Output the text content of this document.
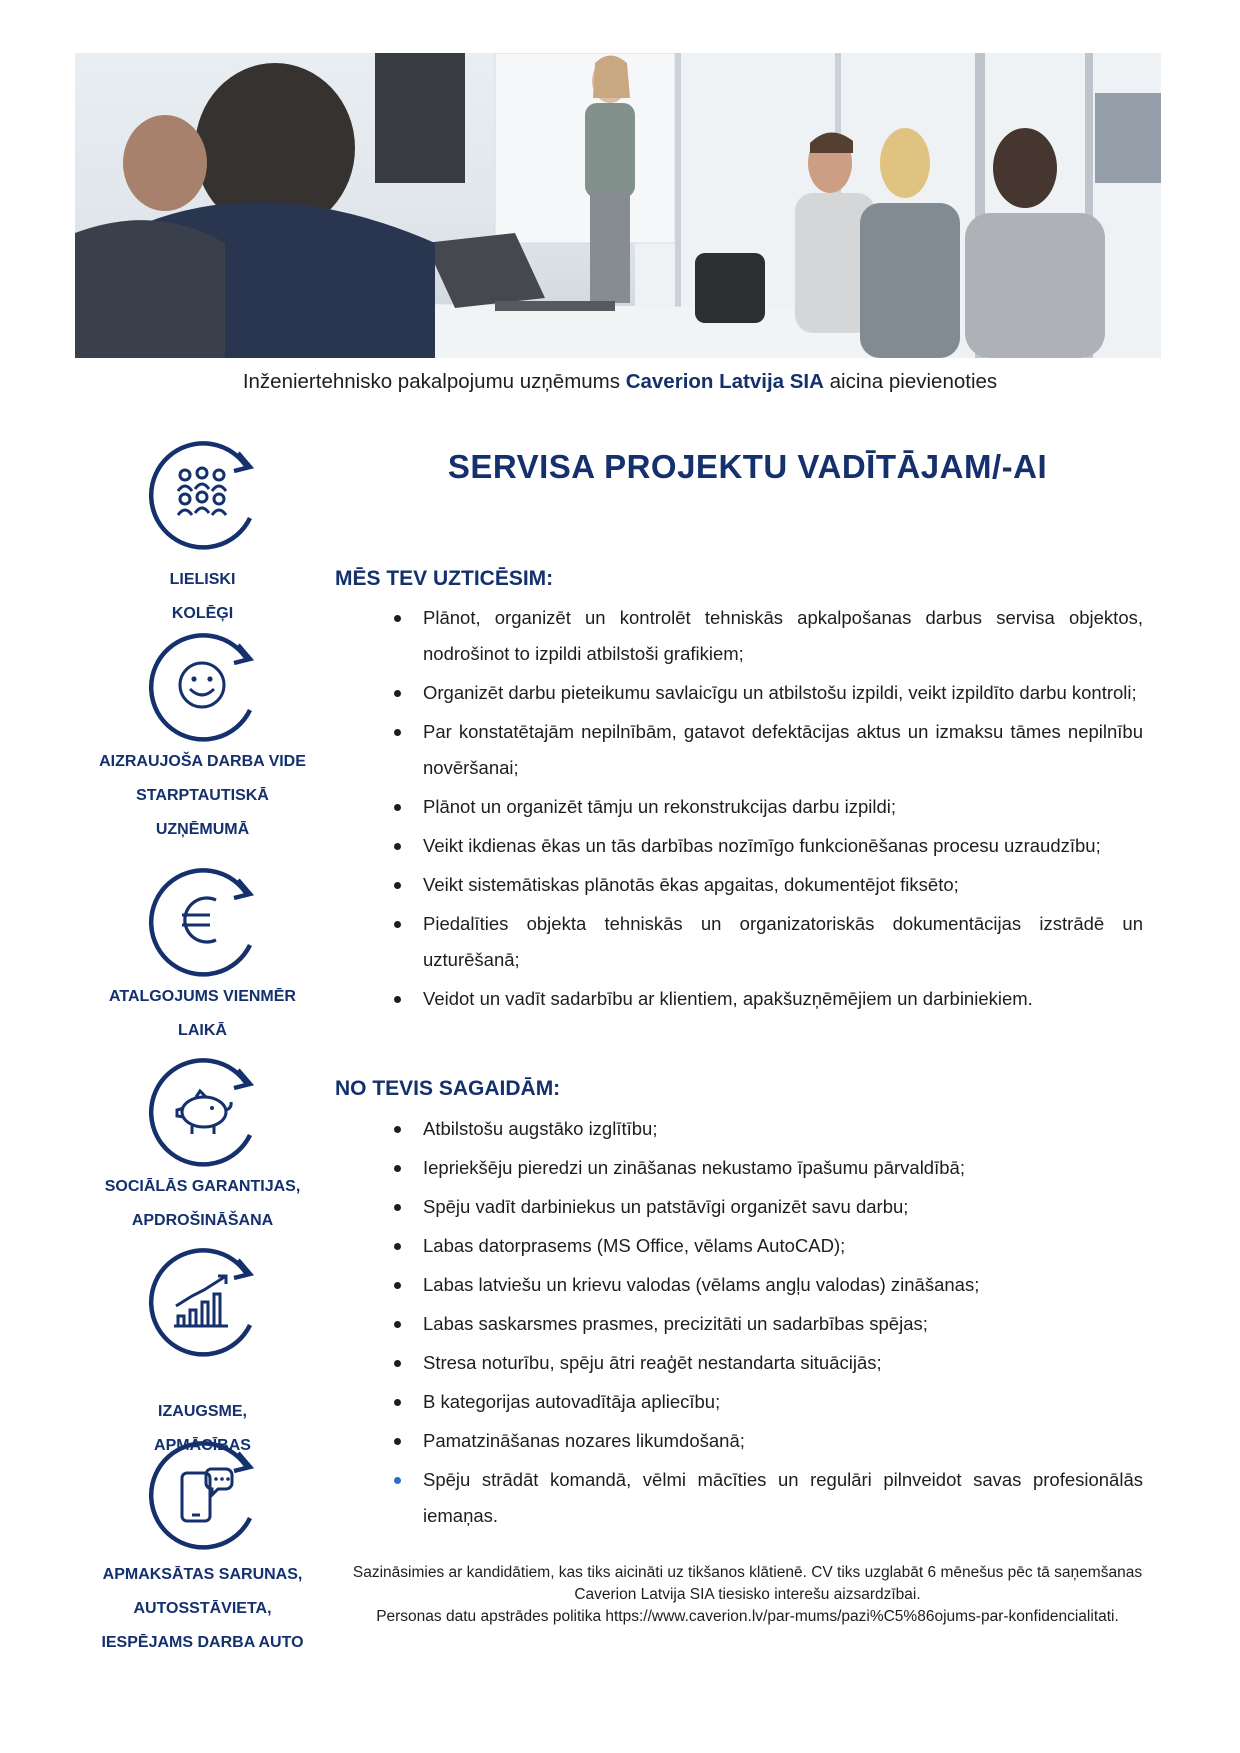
Inženiertehnisko pakalpojumu uzņēmums Caverion Latvija SIA aicina pievienoties
LIELISKI
KOLĒĢI
AIZRAUJOŠA DARBA VIDE
STARPTAUTISKĀ
UZŅĒMUMĀ
ATALGOJUMS VIENMĒR
LAIKĀ
SOCIĀLĀS GARANTIJAS,
APDROŠINĀŠANA
IZAUGSME,
APMĀCĪBAS
APMAKSĀTAS SARUNAS,
AUTOSSTĀVIETA,
IESPĒJAMS DARBA AUTO
SERVISA PROJEKTU VADĪTĀJAM/-AI
MĒS TEV UZTICĒSIM:
Plānot, organizēt un kontrolēt tehniskās apkalpošanas darbus servisa objektos, nodrošinot to izpildi atbilstoši grafikiem;
Organizēt darbu pieteikumu savlaicīgu un atbilstošu izpildi, veikt izpildīto darbu kontroli;
Par konstatētajām nepilnībām, gatavot defektācijas aktus un izmaksu tāmes nepilnību novēršanai;
Plānot un organizēt tāmju un rekonstrukcijas darbu izpildi;
Veikt ikdienas ēkas un tās darbības nozīmīgo funkcionēšanas procesu uzraudzību;
Veikt sistemātiskas plānotās ēkas apgaitas, dokumentējot fiksēto;
Piedalīties objekta tehniskās un organizatoriskās dokumentācijas izstrādē un uzturēšanā;
Veidot un vadīt sadarbību ar klientiem, apakšuzņēmējiem un darbiniekiem.
NO TEVIS SAGAIDĀM:
Atbilstošu augstāko izglītību;
Iepriekšēju pieredzi un zināšanas nekustamo īpašumu pārvaldībā;
Spēju vadīt darbiniekus un patstāvīgi organizēt savu darbu;
Labas datorprasems (MS Office, vēlams AutoCAD);
Labas latviešu un krievu valodas (vēlams angļu valodas) zināšanas;
Labas saskarsmes prasmes, precizitāti un sadarbības spējas;
Stresa noturību, spēju ātri reaģēt nestandarta situācijās;
B kategorijas autovadītāja apliecību;
Pamatzināšanas nozares likumdošanā;
Spēju strādāt komandā, vēlmi mācīties un regulāri pilnveidot savas profesionālās iemaņas.
Sazināsimies ar kandidātiem, kas tiks aicināti uz tikšanos klātienē. CV tiks uzglabāt 6 mēnešus pēc tā saņemšanas Caverion Latvija SIA tiesisko interešu aizsardzībai.
Personas datu apstrādes politika https://www.caverion.lv/par-mums/pazi%C5%86ojums-par-konfidencialitati.
